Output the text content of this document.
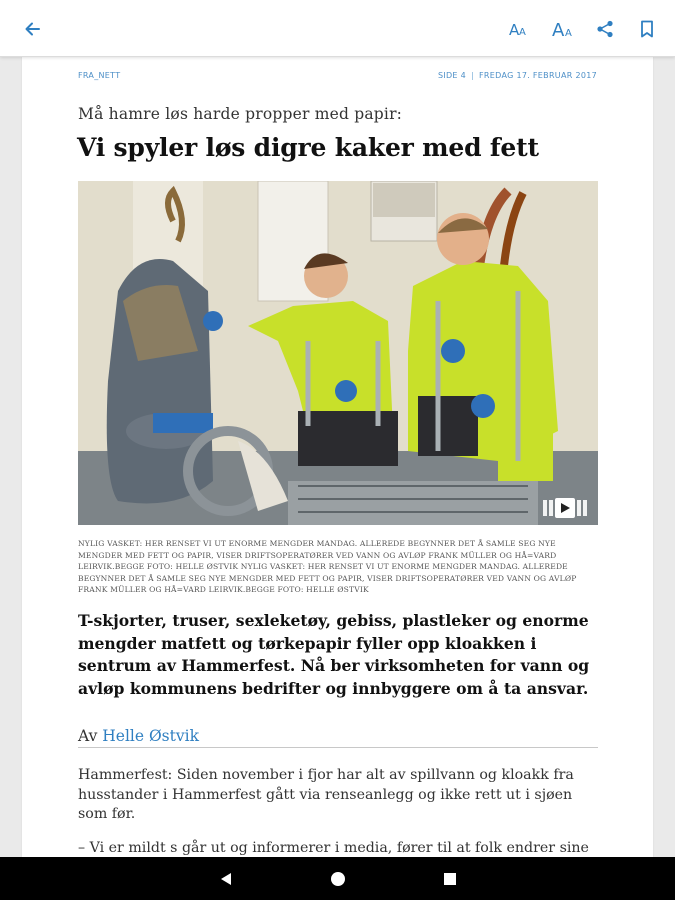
A A A A
FRA_NETT	SIDE 4 | FREDAG 17. FEBRUAR 2017
Må hamre løs harde propper med papir:
Vi spyler løs digre kaker med fett
NYLIG VASKET: HER RENSET VI UT ENORME MENGDER MANDAG. ALLEREDE BEGYNNER DET Å SAMLE SEG NYE MENGDER MED FETT OG PAPIR, VISER DRIFTSOPERATØRER VED VANN OG AVLØP FRANK MÜLLER OG HÅ=VARD LEIRVIK.BEGGE FOTO: HELLE ØSTVIK NYLIG VASKET: HER RENSET VI UT ENORME MENGDER MANDAG. ALLEREDE BEGYNNER DET Å SAMLE SEG NYE MENGDER MED FETT OG PAPIR, VISER DRIFTSOPERATØRER VED VANN OG AVLØP FRANK MÜLLER OG HÅ=VARD LEIRVIK.BEGGE FOTO: HELLE ØSTVIK
T-skjorter, truser, sexleketøy, gebiss, plastleker og enorme mengder matfett og tørkepapir fyller opp kloakken i sentrum av Hammerfest. Nå ber virksomheten for vann og avløp kommunens bedrifter og innbyggere om å ta ansvar.
Av Helle Østvik
Hammerfest: Siden november i fjor har alt av spillvann og kloakk fra husstander i Hammerfest gått via renseanlegg og ikke rett ut i sjøen som før.
– Vi er mildt s går ut og informerer i media, fører til at folk endrer sine
